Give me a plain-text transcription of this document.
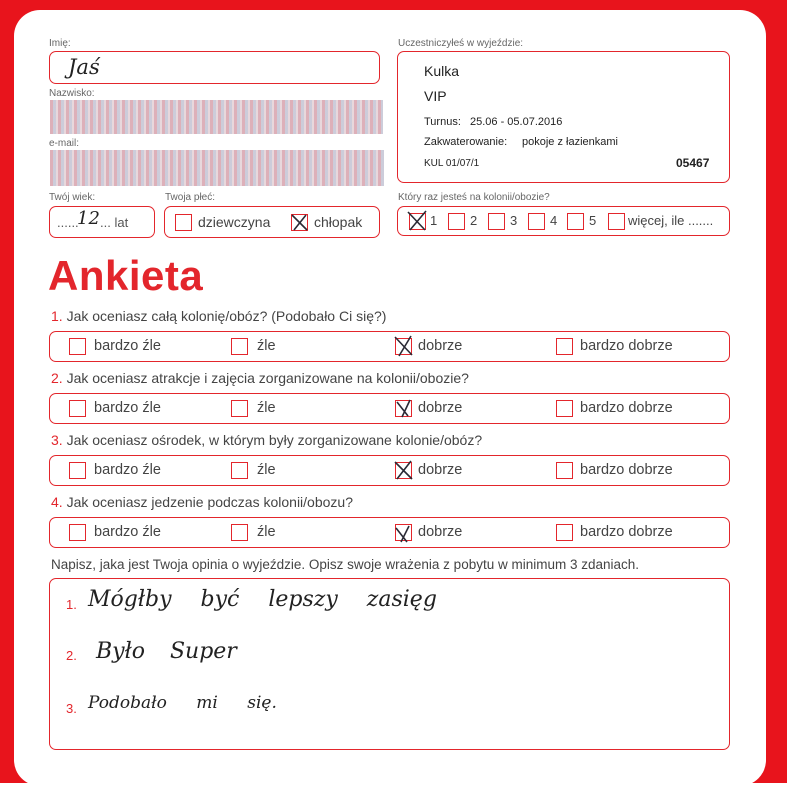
Imię:
Jaś
Nazwisko:
e-mail:
Twój wiek:
......
12 ... lat
Twoja płeć:
dziewczyna	chłopak
Uczestniczyłeś w wyjeździe:
Kulka
VIP
Turnus: 25.06 - 05.07.2016
Zakwaterowanie: pokoje z łazienkami
KUL 01/07/1	05467
Który raz jesteś na kolonii/obozie?
1	2	3	4 5 więcej, ile .......
Ankieta
1. Jak oceniasz całą kolonię/obóz? (Podobało Ci się?)
bardzo źle	źle	dobrze	bardzo dobrze
2. Jak oceniasz atrakcje i zajęcia zorganizowane na kolonii/obozie?
bardzo źle	źle	dobrze	bardzo dobrze
3. Jak oceniasz ośrodek, w którym były zorganizowane kolonie/obóz?
bardzo źle	źle	dobrze	bardzo dobrze
4. Jak oceniasz jedzenie podczas kolonii/obozu?
bardzo źle	źle	dobrze	bardzo dobrze
Napisz, jaka jest Twoja opinia o wyjeździe. Opisz swoje wrażenia z pobytu w minimum 3 zdaniach.
1. Mógłby być lepszy zasięg
2. Było Super
3. Podobało mi się.
